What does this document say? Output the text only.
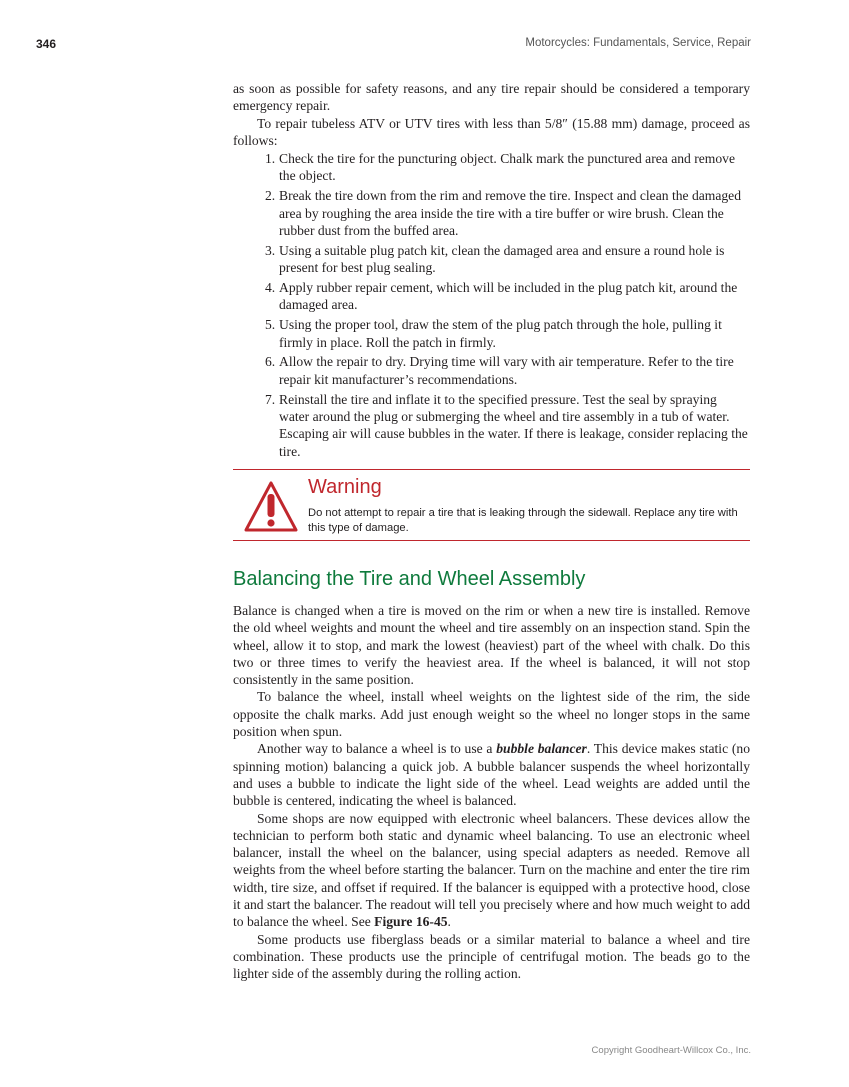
346	Motorcycles: Fundamentals, Service, Repair

as soon as possible for safety reasons, and any tire repair should be considered a temporary emergency repair.

To repair tubeless ATV or UTV tires with less than 5/8″ (15.88 mm) damage, proceed as follows:

1. Check the tire for the puncturing object. Chalk mark the punctured area and remove the object.
2. Break the tire down from the rim and remove the tire. Inspect and clean the damaged area by roughing the area inside the tire with a tire buffer or wire brush. Clean the rubber dust from the buffed area.
3. Using a suitable plug patch kit, clean the damaged area and ensure a round hole is present for best plug sealing.
4. Apply rubber repair cement, which will be included in the plug patch kit, around the damaged area.
5. Using the proper tool, draw the stem of the plug patch through the hole, pulling it firmly in place. Roll the patch in firmly.
6. Allow the repair to dry. Drying time will vary with air temperature. Refer to the tire repair kit manufacturer’s recommendations.
7. Reinstall the tire and inflate it to the specified pressure. Test the seal by spraying water around the plug or submerging the wheel and tire assembly in a tub of water. Escaping air will cause bubbles in the water. If there is leakage, consider replacing the tire.
Warning
Do not attempt to repair a tire that is leaking through the sidewall. Replace any tire with this type of damage.
Balancing the Tire and Wheel Assembly

Balance is changed when a tire is moved on the rim or when a new tire is installed. Remove the old wheel weights and mount the wheel and tire assembly on an inspection stand. Spin the wheel, allow it to stop, and mark the lowest (heaviest) part of the wheel with chalk. Do this two or three times to verify the heaviest area. If the wheel is balanced, it will not stop consistently in the same position.

To balance the wheel, install wheel weights on the lightest side of the rim, the side opposite the chalk marks. Add just enough weight so the wheel no longer stops in the same position when spun.

Another way to balance a wheel is to use a bubble balancer. This device makes static (no spinning motion) balancing a quick job. A bubble balancer suspends the wheel horizontally and uses a bubble to indicate the light side of the wheel. Lead weights are added until the bubble is centered, indicating the wheel is balanced.

Some shops are now equipped with electronic wheel balancers. These devices allow the technician to perform both static and dynamic wheel balancing. To use an electronic wheel balancer, install the wheel on the balancer, using special adapters as needed. Remove all weights from the wheel before starting the balancer. Turn on the machine and enter the tire rim width, tire size, and offset if required. If the balancer is equipped with a protective hood, close it and start the balancer. The readout will tell you precisely where and how much weight to add to balance the wheel. See Figure 16-45.

Some products use fiberglass beads or a similar material to balance a wheel and tire combination. These products use the principle of centrifugal motion. The beads go to the lighter side of the assembly during the rolling action.

Copyright Goodheart-Willcox Co., Inc.
